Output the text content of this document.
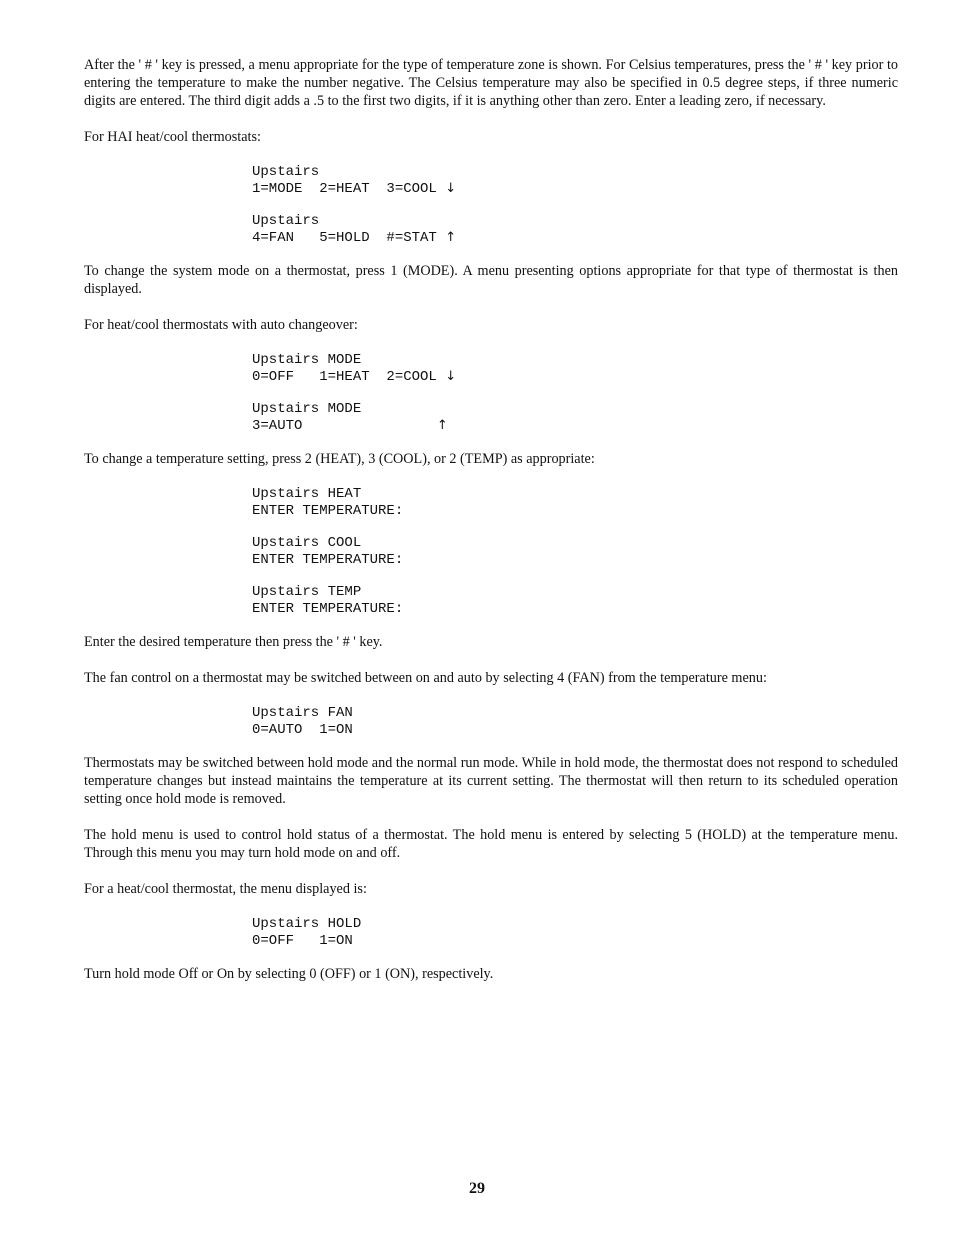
After the ' # ' key is pressed, a menu appropriate for the type of temperature zone is shown. For Celsius temperatures, press the ' # ' key prior to entering the temperature to make the number negative. The Celsius temperature may also be specified in 0.5 degree steps, if three numeric digits are entered. The third digit adds a .5 to the first two digits, if it is anything other than zero. Enter a leading zero, if necessary.

For HAI heat/cool thermostats:

Upstairs
1=MODE  2=HEAT  3=COOL ↓
Upstairs
4=FAN   5=HOLD  #=STAT ↑

To change the system mode on a thermostat, press 1 (MODE). A menu presenting options appropriate for that type of thermostat is then displayed.

For heat/cool thermostats with auto changeover:

Upstairs MODE
0=OFF   1=HEAT  2=COOL ↓
Upstairs MODE
3=AUTO                ↑

To change a temperature setting, press 2 (HEAT), 3 (COOL), or 2 (TEMP) as appropriate:

Upstairs HEAT
ENTER TEMPERATURE:
Upstairs COOL
ENTER TEMPERATURE:
Upstairs TEMP
ENTER TEMPERATURE:

Enter the desired temperature then press the ' # ' key.

The fan control on a thermostat may be switched between on and auto by selecting 4 (FAN) from the temperature menu:

Upstairs FAN
0=AUTO  1=ON

Thermostats may be switched between hold mode and the normal run mode. While in hold mode, the thermostat does not respond to scheduled temperature changes but instead maintains the temperature at its current setting. The thermostat will then return to its scheduled operation setting once hold mode is removed.

The hold menu is used to control hold status of a thermostat. The hold menu is entered by selecting 5 (HOLD) at the temperature menu. Through this menu you may turn hold mode on and off.

For a heat/cool thermostat, the menu displayed is:

Upstairs HOLD
0=OFF   1=ON

Turn hold mode Off or On by selecting 0 (OFF) or 1 (ON), respectively.

29
